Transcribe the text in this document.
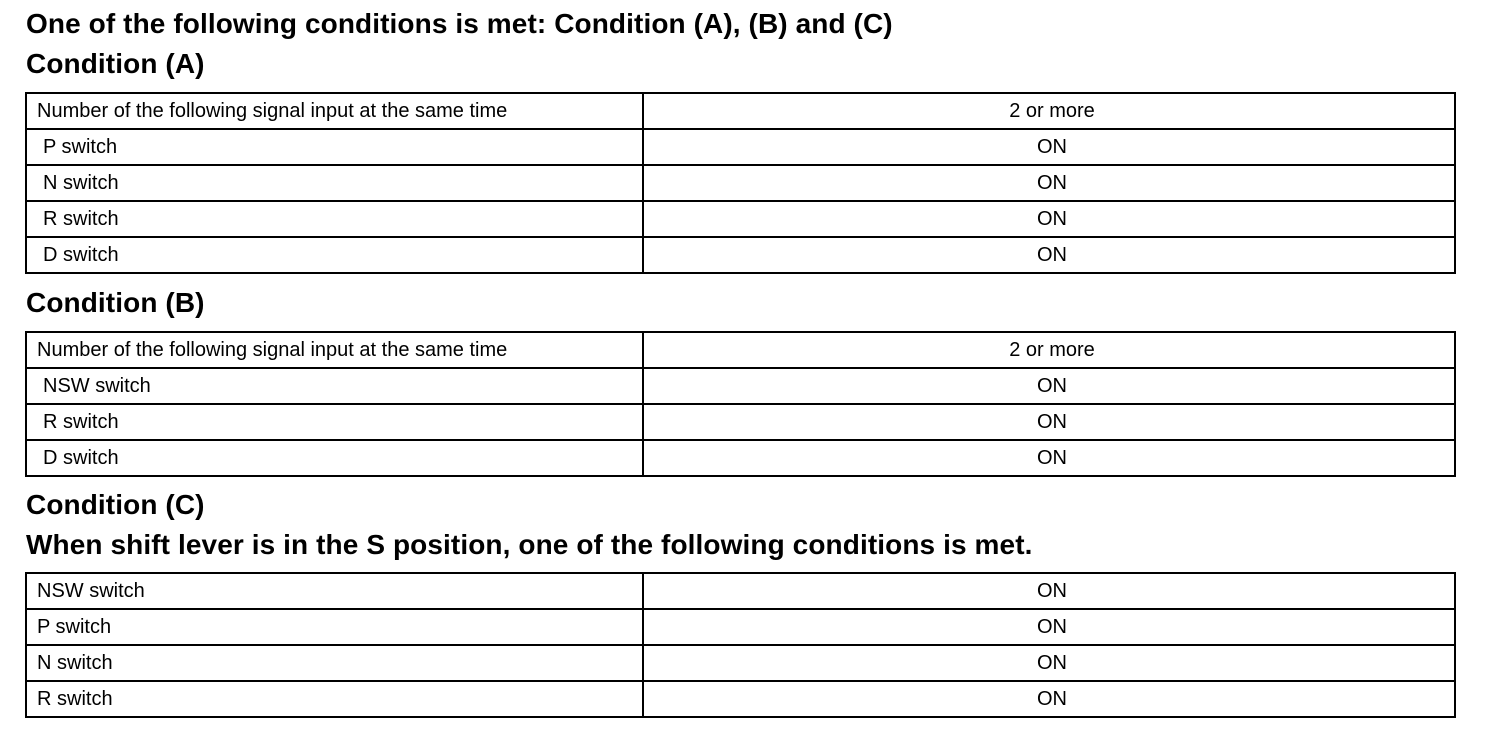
One of the following conditions is met: Condition (A), (B) and (C)
Condition (A)
Number of the following signal input at the same time	2 or more
P switch	ON
N switch	ON
R switch	ON
D switch	ON
Condition (B)
Number of the following signal input at the same time	2 or more
NSW switch	ON
R switch	ON
D switch	ON
Condition (C)
When shift lever is in the S position, one of the following conditions is met.
NSW switch	ON
P switch	ON
N switch	ON
R switch	ON
